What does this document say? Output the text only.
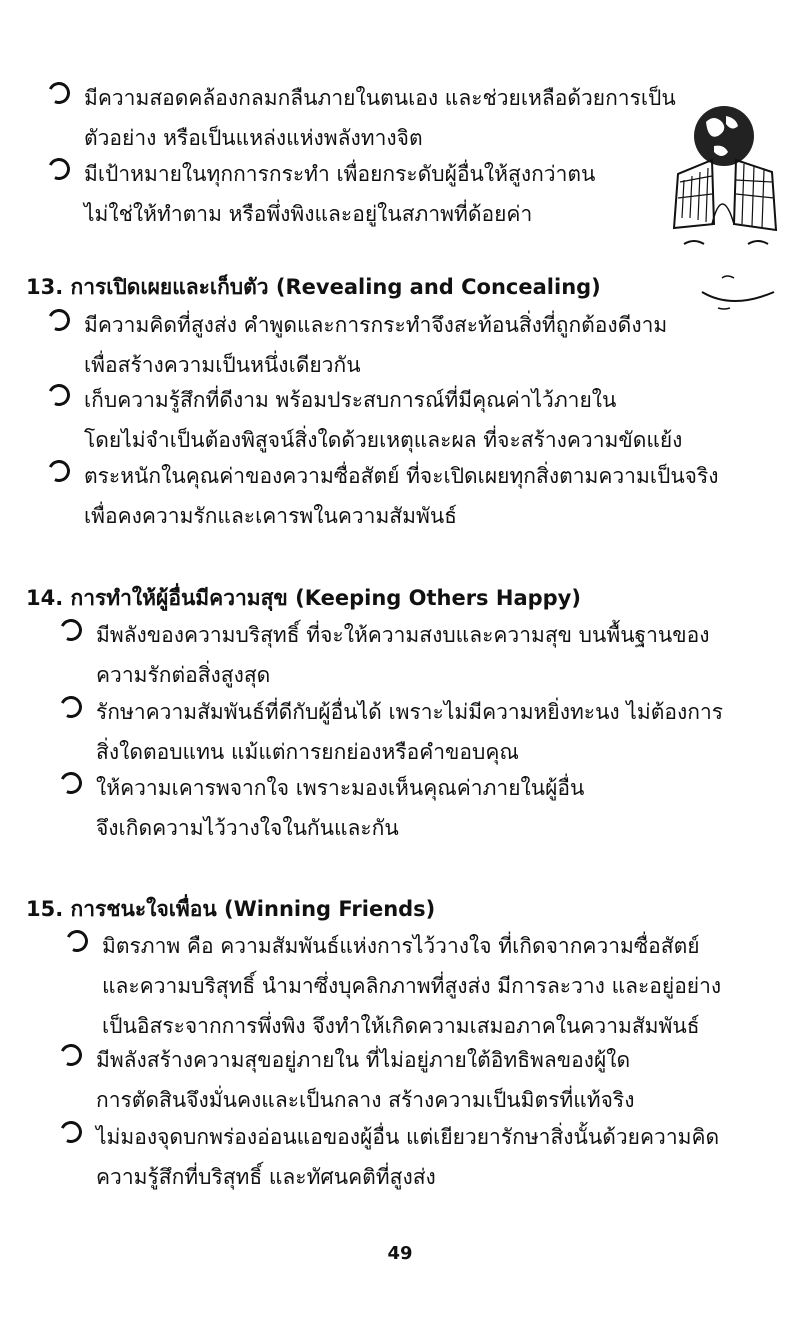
มีความสอดคล้องกลมกลืนภายในตนเอง และช่วยเหลือด้วยการเป็น
ตัวอย่าง หรือเป็นแหล่งแห่งพลังทางจิต
มีเป้าหมายในทุกการกระทำ เพื่อยกระดับผู้อื่นให้สูงกว่าตน
ไม่ใช่ให้ทำตาม หรือพึ่งพิงและอยู่ในสภาพที่ด้อยค่า
13. การเปิดเผยและเก็บตัว (Revealing and Concealing)
มีความคิดที่สูงส่ง คำพูดและการกระทำจึงสะท้อนสิ่งที่ถูกต้องดีงาม
เพื่อสร้างความเป็นหนึ่งเดียวกัน
เก็บความรู้สึกที่ดีงาม พร้อมประสบการณ์ที่มีคุณค่าไว้ภายใน
โดยไม่จำเป็นต้องพิสูจน์สิ่งใดด้วยเหตุและผล ที่จะสร้างความขัดแย้ง
ตระหนักในคุณค่าของความซื่อสัตย์ ที่จะเปิดเผยทุกสิ่งตามความเป็นจริง
เพื่อคงความรักและเคารพในความสัมพันธ์
14. การทำให้ผู้อื่นมีความสุข (Keeping Others Happy)
มีพลังของความบริสุทธิ์ ที่จะให้ความสงบและความสุข บนพื้นฐานของ
ความรักต่อสิ่งสูงสุด
รักษาความสัมพันธ์ที่ดีกับผู้อื่นได้ เพราะไม่มีความหยิ่งทะนง ไม่ต้องการ
สิ่งใดตอบแทน แม้แต่การยกย่องหรือคำขอบคุณ
ให้ความเคารพจากใจ เพราะมองเห็นคุณค่าภายในผู้อื่น
จึงเกิดความไว้วางใจในกันและกัน
15. การชนะใจเพื่อน (Winning Friends)
มิตรภาพ คือ ความสัมพันธ์แห่งการไว้วางใจ ที่เกิดจากความซื่อสัตย์
และความบริสุทธิ์ นำมาซึ่งบุคลิกภาพที่สูงส่ง มีการละวาง และอยู่อย่าง
เป็นอิสระจากการพึ่งพิง จึงทำให้เกิดความเสมอภาคในความสัมพันธ์
มีพลังสร้างความสุขอยู่ภายใน ที่ไม่อยู่ภายใต้อิทธิพลของผู้ใด
การตัดสินจึงมั่นคงและเป็นกลาง สร้างความเป็นมิตรที่แท้จริง
ไม่มองจุดบกพร่องอ่อนแอของผู้อื่น แต่เยียวยารักษาสิ่งนั้นด้วยความคิด
ความรู้สึกที่บริสุทธิ์ และทัศนคติที่สูงส่ง
49
